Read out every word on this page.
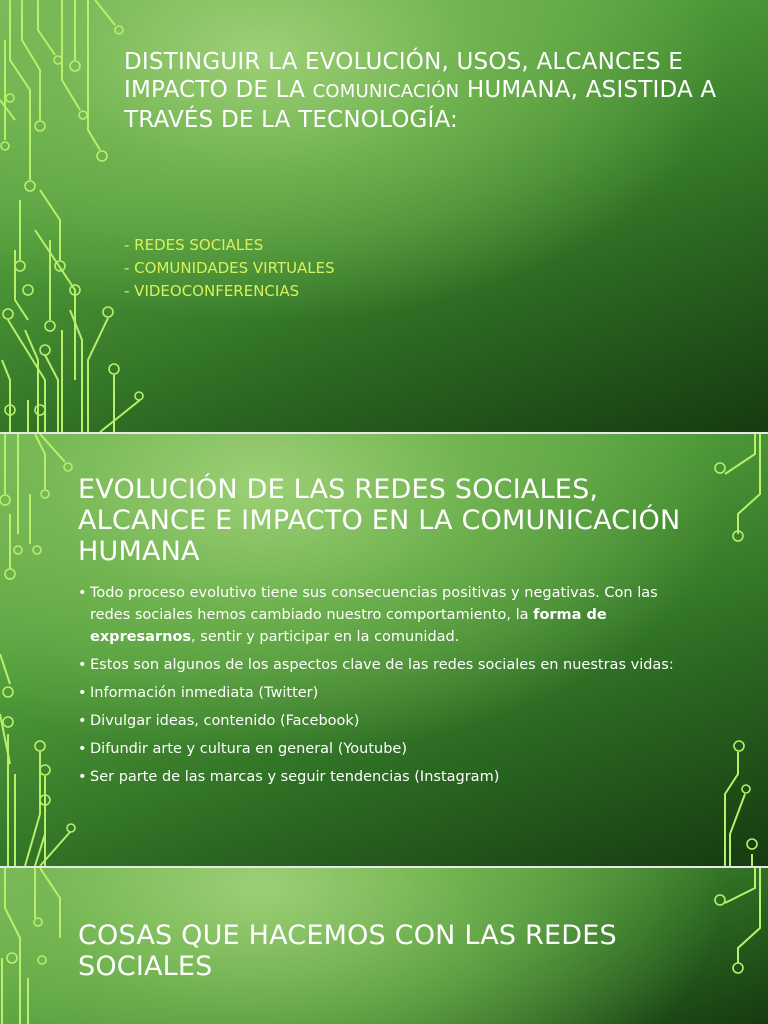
DISTINGUIR LA EVOLUCIÓN, USOS, ALCANCES E IMPACTO DE LA COMUNICACIÓN HUMANA, ASISTIDA A TRAVÉS DE LA TECNOLOGÍA:
- REDES SOCIALES
- COMUNIDADES VIRTUALES
- VIDEOCONFERENCIAS
EVOLUCIÓN DE LAS REDES SOCIALES, ALCANCE E IMPACTO EN LA COMUNICACIÓN HUMANA
• Todo proceso evolutivo tiene sus consecuencias positivas y negativas. Con las redes sociales hemos cambiado nuestro comportamiento, la forma de expresarnos, sentir y participar en la comunidad.
• Estos son algunos de los aspectos clave de las redes sociales en nuestras vidas:
• Información inmediata (Twitter)
• Divulgar ideas, contenido (Facebook)
• Difundir arte y cultura en general (Youtube)
• Ser parte de las marcas y seguir tendencias (Instagram)
COSAS QUE HACEMOS CON LAS REDES SOCIALES
